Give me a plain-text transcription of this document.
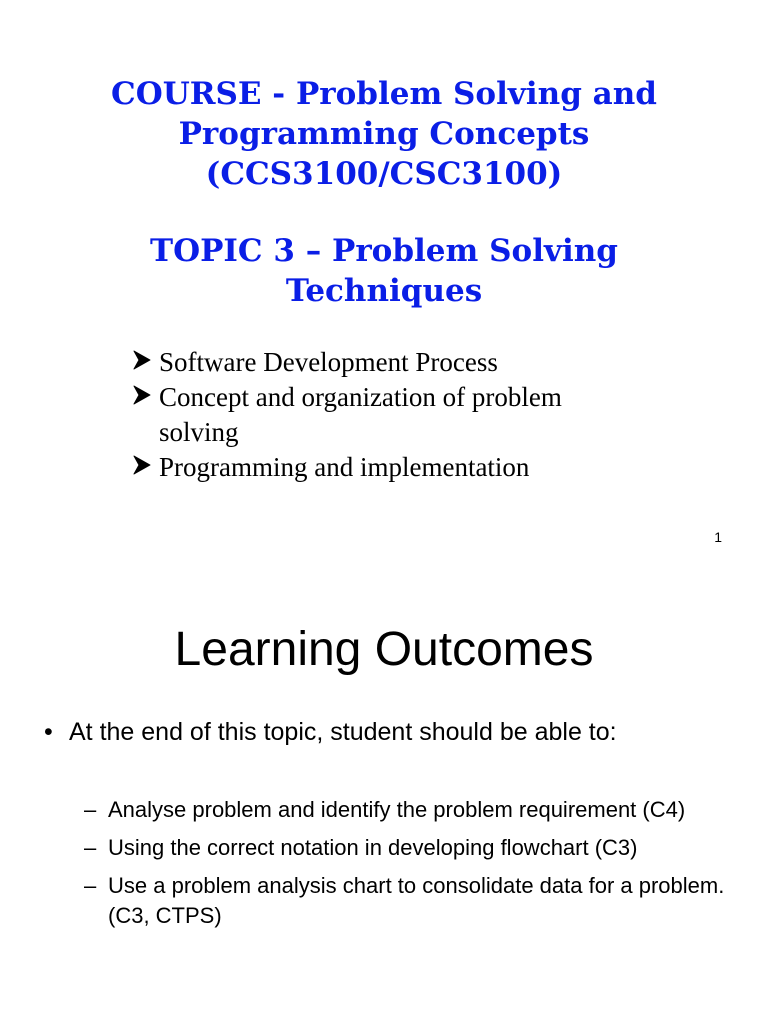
COURSE - Problem Solving and
Programming Concepts
(CCS3100/CSC3100)
TOPIC 3 – Problem Solving
Techniques
Software Development Process
Concept and organization of problem solving
Programming and implementation
1
Learning Outcomes
• At the end of this topic, student should be able to:
– Analyse problem and identify the problem requirement (C4)
– Using the correct notation in developing flowchart (C3)
– Use a problem analysis chart to consolidate data for a problem. (C3, CTPS)
